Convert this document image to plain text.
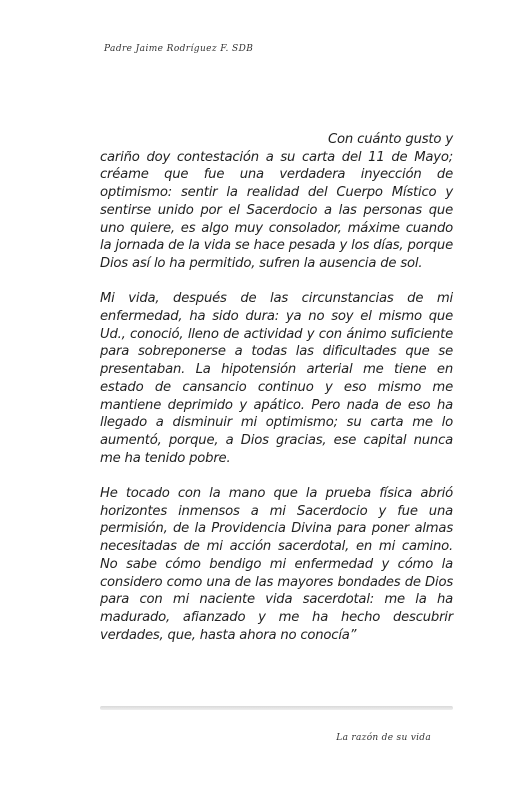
Padre Jaime Rodríguez F. SDB

Con cuánto gusto y cariño doy contestación a su carta del 11 de Mayo; créame que fue una verdadera inyección de optimismo: sentir la realidad del Cuerpo Místico y sentirse unido por el Sacerdocio a las personas que uno quiere, es algo muy consolador, máxime cuando la jornada de la vida se hace pesada y los días, porque Dios así lo ha permitido, sufren la ausencia de sol.

Mi vida, después de las circunstancias de mi enfermedad, ha sido dura: ya no soy el mismo que Ud., conoció, lleno de actividad y con ánimo suficiente para sobreponerse a todas las dificultades que se presentaban. La hipotensión arterial me tiene en estado de cansancio continuo y eso mismo me mantiene deprimido y apático. Pero nada de eso ha llegado a disminuir mi optimismo; su carta me lo aumentó, porque, a Dios gracias, ese capital nunca me ha tenido pobre.

He tocado con la mano que la prueba física abrió horizontes inmensos a mi Sacerdocio y fue una permisión, de la Providencia Divina para poner almas necesitadas de mi acción sacerdotal, en mi camino. No sabe cómo bendigo mi enfermedad y cómo la considero como una de las mayores bondades de Dios para con mi naciente vida sacerdotal: me la ha madurado, afianzado y me ha hecho descubrir verdades, que, hasta ahora no conocía”

La razón de su vida
